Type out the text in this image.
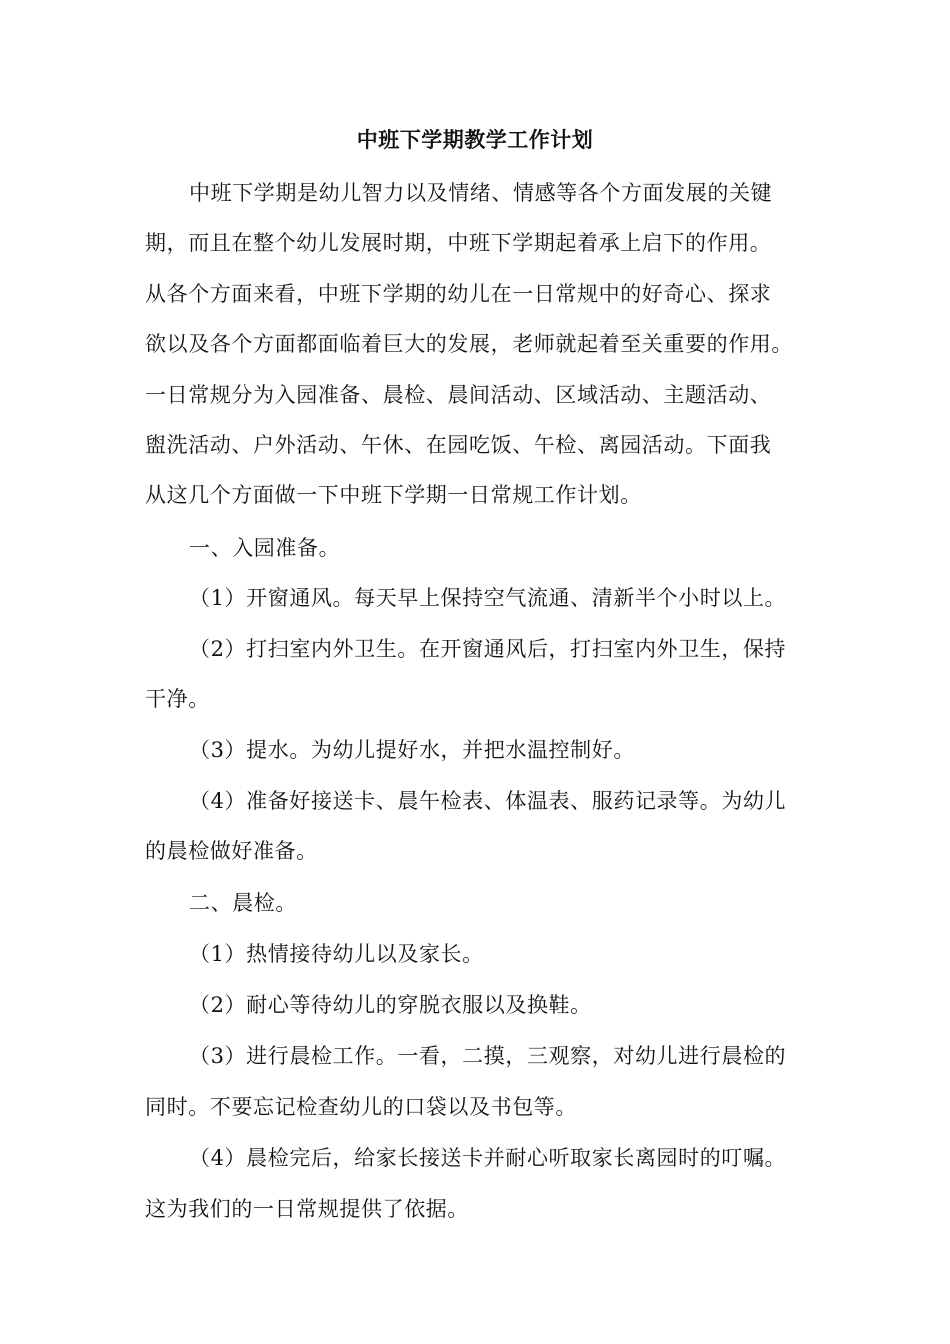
中班下学期教学工作计划
中班下学期是幼儿智力以及情绪、情感等各个方面发展的关键
期，而且在整个幼儿发展时期，中班下学期起着承上启下的作用。
从各个方面来看，中班下学期的幼儿在一日常规中的好奇心、探求
欲以及各个方面都面临着巨大的发展，老师就起着至关重要的作用。
一日常规分为入园准备、晨检、晨间活动、区域活动、主题活动、
盥洗活动、户外活动、午休、在园吃饭、午检、离园活动。下面我
从这几个方面做一下中班下学期一日常规工作计划。
一、入园准备。
（1）开窗通风。每天早上保持空气流通、清新半个小时以上。
（2）打扫室内外卫生。在开窗通风后，打扫室内外卫生，保持
干净。
（3）提水。为幼儿提好水，并把水温控制好。
（4）准备好接送卡、晨午检表、体温表、服药记录等。为幼儿
的晨检做好准备。
二、晨检。
（1）热情接待幼儿以及家长。
（2）耐心等待幼儿的穿脱衣服以及换鞋。
（3）进行晨检工作。一看，二摸，三观察，对幼儿进行晨检的
同时。不要忘记检查幼儿的口袋以及书包等。
（4）晨检完后，给家长接送卡并耐心听取家长离园时的叮嘱。
这为我们的一日常规提供了依据。
